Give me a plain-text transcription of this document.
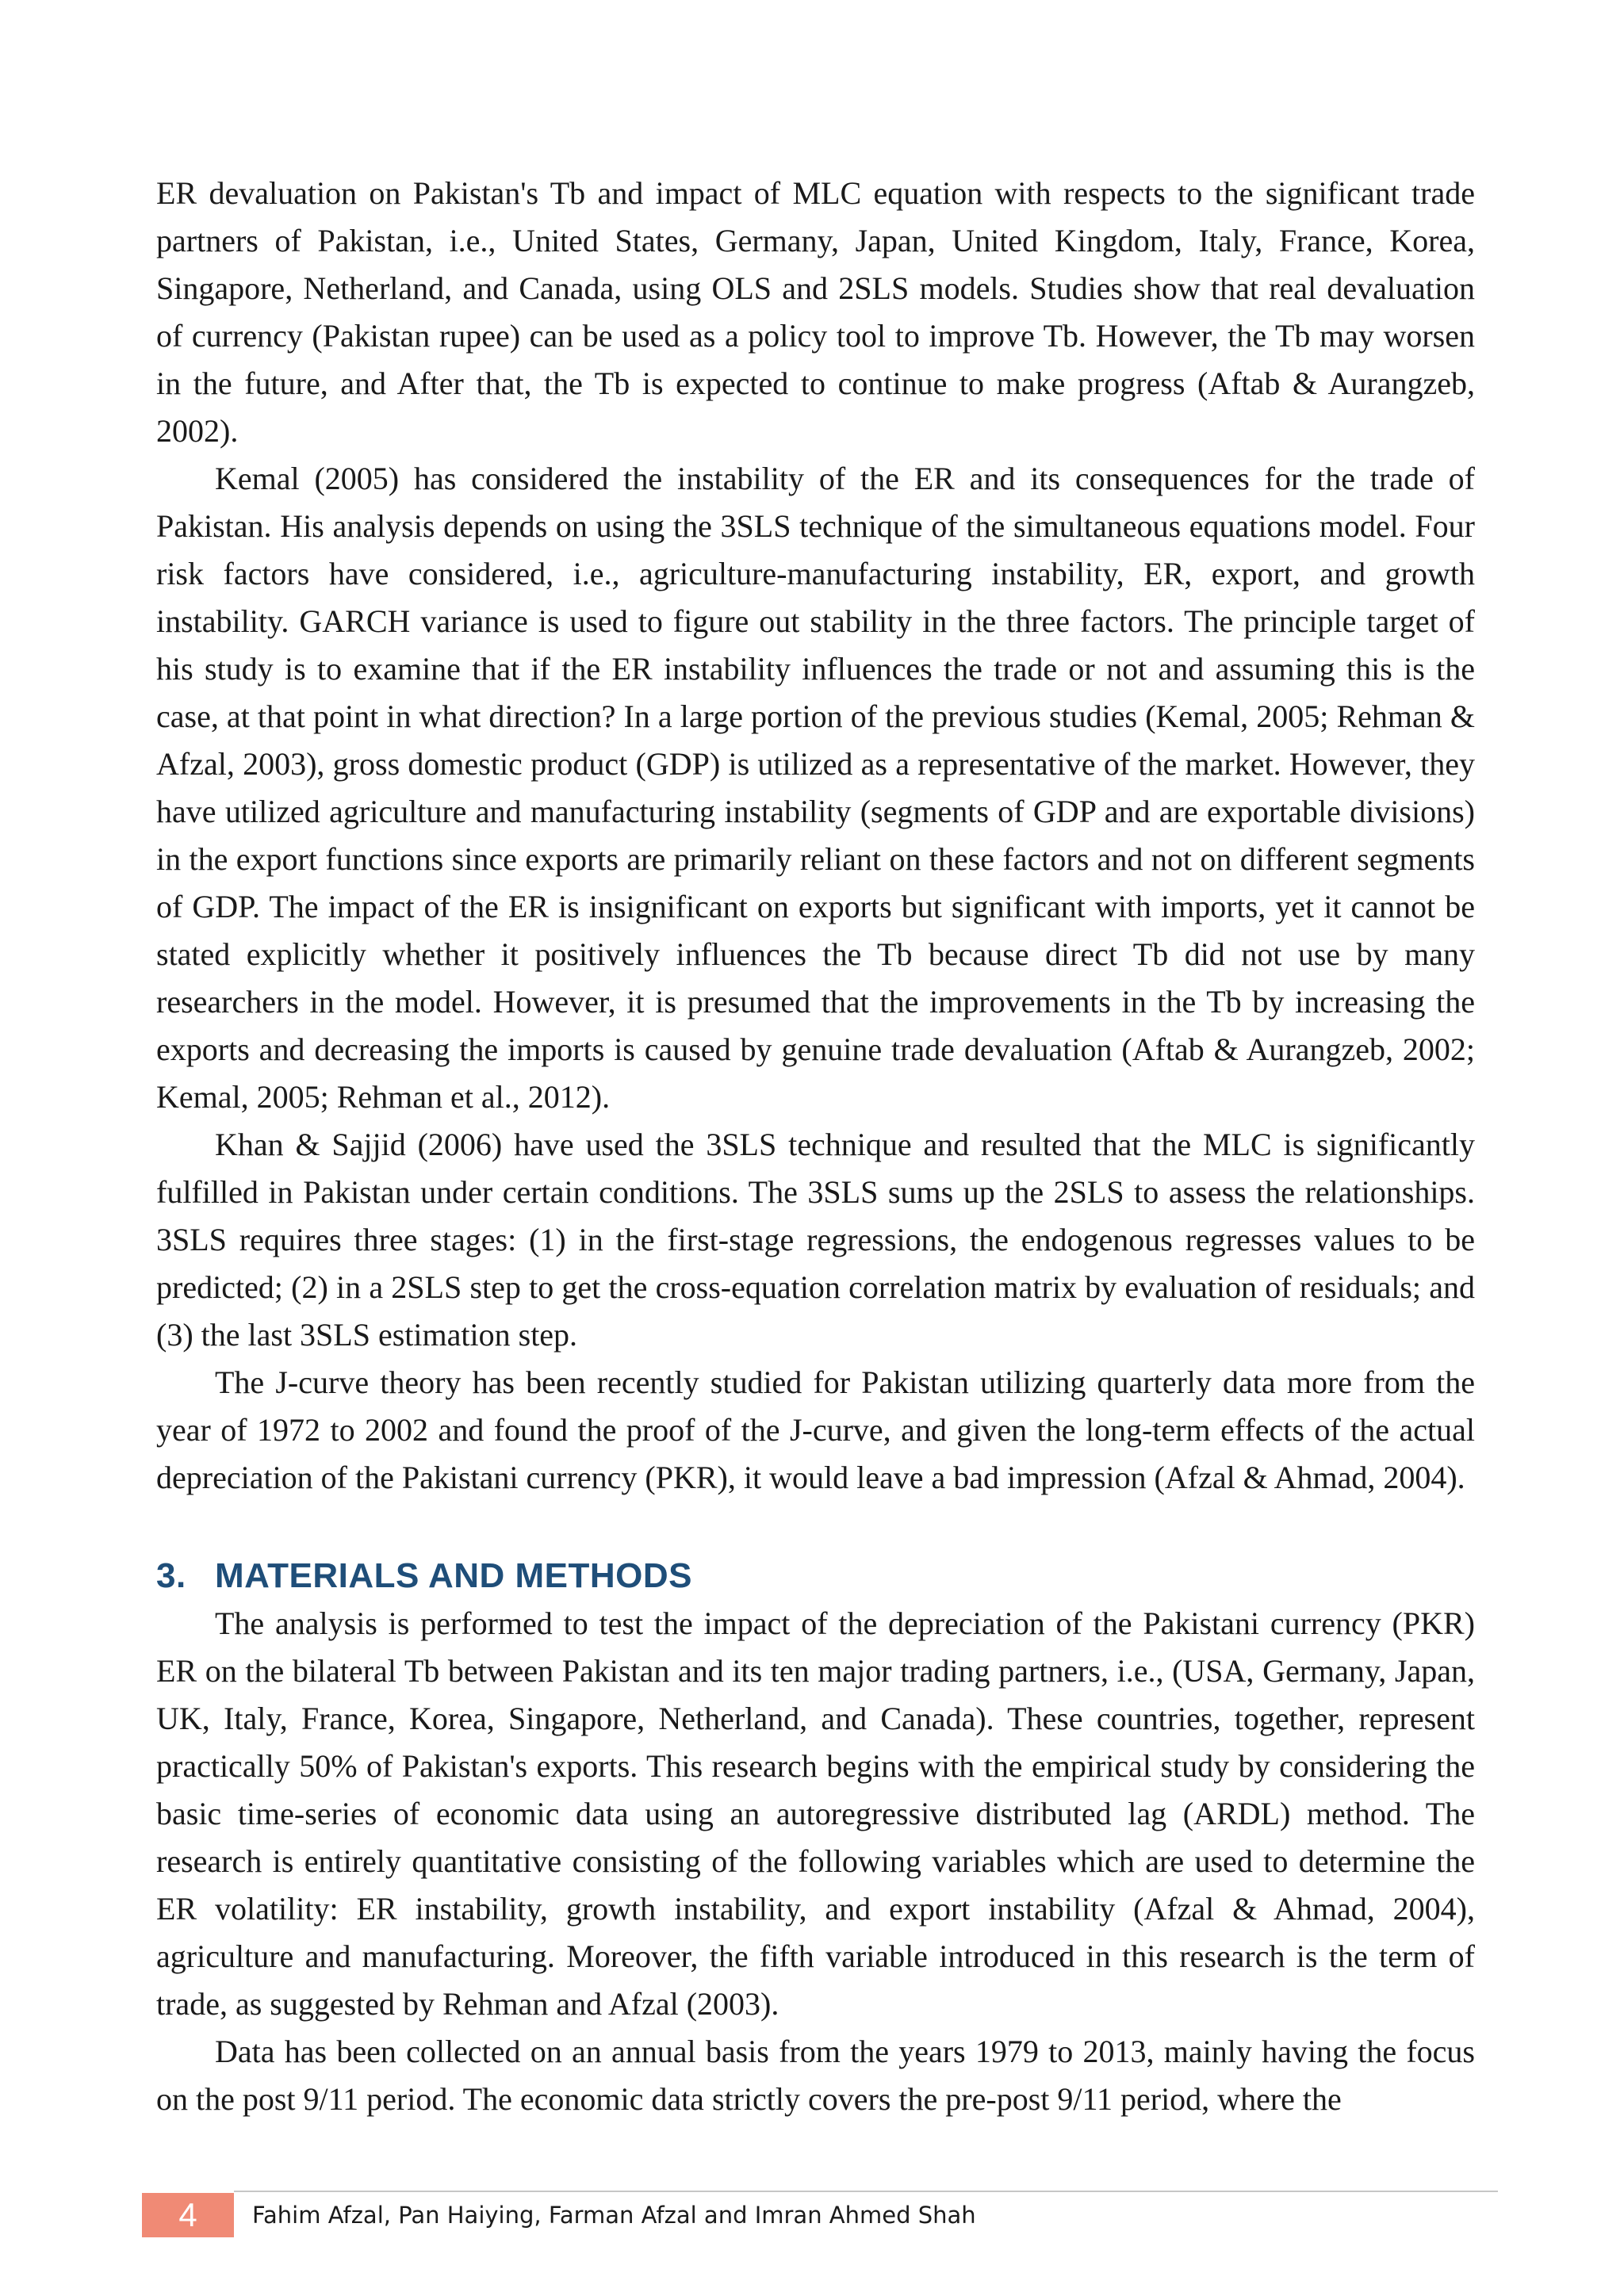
ER devaluation on Pakistan's Tb and impact of MLC equation with respects to the significant trade partners of Pakistan, i.e., United States, Germany, Japan, United Kingdom, Italy, France, Korea, Singapore, Netherland, and Canada, using OLS and 2SLS models. Studies show that real devaluation of currency (Pakistan rupee) can be used as a policy tool to improve Tb. However, the Tb may worsen in the future, and After that, the Tb is expected to continue to make progress (Aftab & Aurangzeb, 2002).

Kemal (2005) has considered the instability of the ER and its consequences for the trade of Pakistan. His analysis depends on using the 3SLS technique of the simultaneous equations model. Four risk factors have considered, i.e., agriculture-manufacturing instability, ER, export, and growth instability. GARCH variance is used to figure out stability in the three factors. The principle target of his study is to examine that if the ER instability influences the trade or not and assuming this is the case, at that point in what direction? In a large portion of the previous studies (Kemal, 2005; Rehman & Afzal, 2003), gross domestic product (GDP) is utilized as a representative of the market. However, they have utilized agriculture and manufacturing instability (segments of GDP and are exportable divisions) in the export functions since exports are primarily reliant on these factors and not on different segments of GDP. The impact of the ER is insignificant on exports but significant with imports, yet it cannot be stated explicitly whether it positively influences the Tb because direct Tb did not use by many researchers in the model. However, it is presumed that the improvements in the Tb by increasing the exports and decreasing the imports is caused by genuine trade devaluation (Aftab & Aurangzeb, 2002; Kemal, 2005; Rehman et al., 2012).

Khan & Sajjid (2006) have used the 3SLS technique and resulted that the MLC is significantly fulfilled in Pakistan under certain conditions. The 3SLS sums up the 2SLS to assess the relationships. 3SLS requires three stages: (1) in the first-stage regressions, the endogenous regresses values to be predicted; (2) in a 2SLS step to get the cross-equation correlation matrix by evaluation of residuals; and (3) the last 3SLS estimation step.

The J-curve theory has been recently studied for Pakistan utilizing quarterly data more from the year of 1972 to 2002 and found the proof of the J-curve, and given the long-term effects of the actual depreciation of the Pakistani currency (PKR), it would leave a bad impression (Afzal & Ahmad, 2004).

3. MATERIALS AND METHODS

The analysis is performed to test the impact of the depreciation of the Pakistani currency (PKR) ER on the bilateral Tb between Pakistan and its ten major trading partners, i.e., (USA, Germany, Japan, UK, Italy, France, Korea, Singapore, Netherland, and Canada). These countries, together, represent practically 50% of Pakistan's exports. This research begins with the empirical study by considering the basic time-series of economic data using an autoregressive distributed lag (ARDL) method. The research is entirely quantitative consisting of the following variables which are used to determine the ER volatility: ER instability, growth instability, and export instability (Afzal & Ahmad, 2004), agriculture and manufacturing. Moreover, the fifth variable introduced in this research is the term of trade, as suggested by Rehman and Afzal (2003).

Data has been collected on an annual basis from the years 1979 to 2013, mainly having the focus on the post 9/11 period. The economic data strictly covers the pre-post 9/11 period, where the

4	Fahim Afzal, Pan Haiying, Farman Afzal and Imran Ahmed Shah
